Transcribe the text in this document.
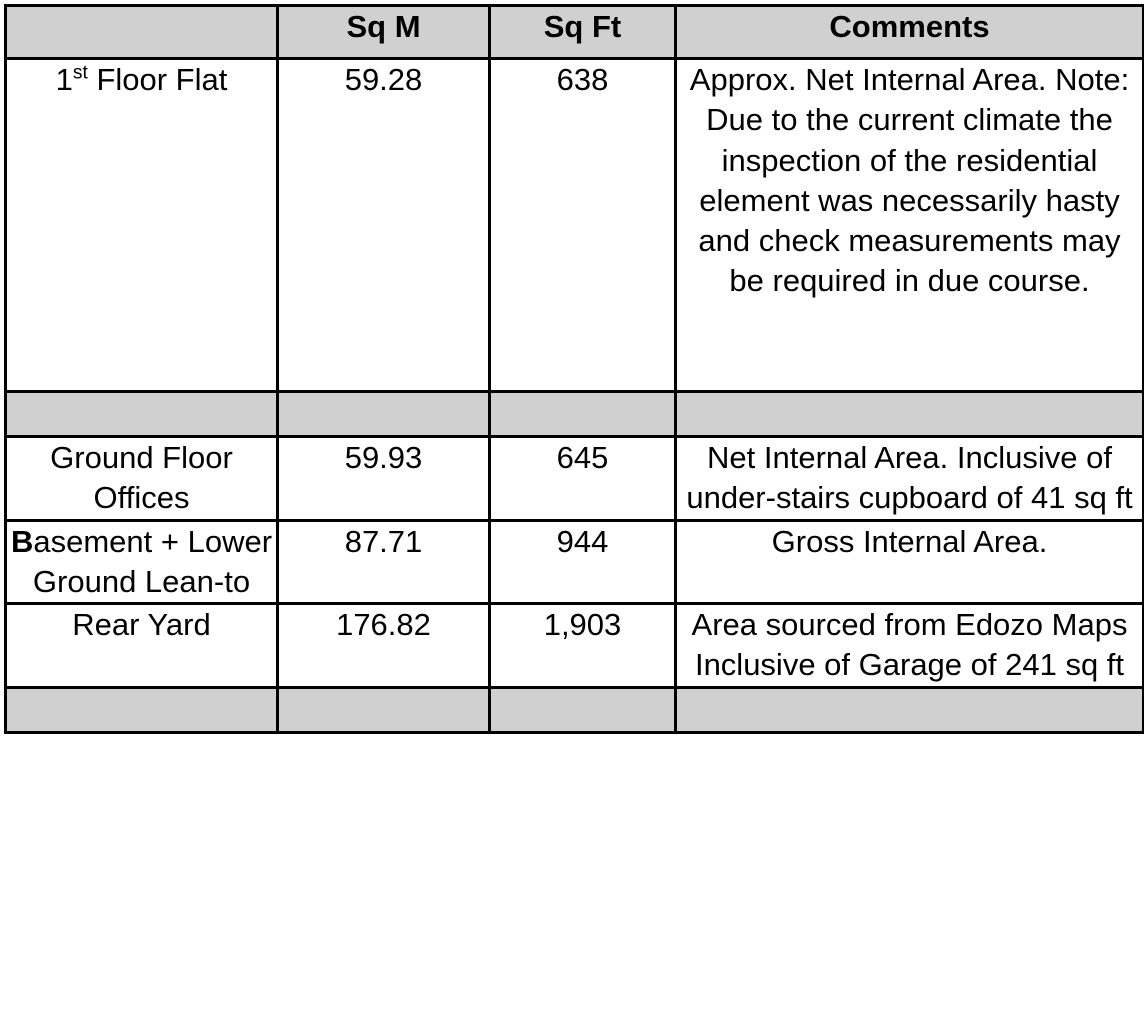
	Sq M	Sq Ft	Comments
1st Floor Flat	59.28	638	Approx. Net Internal Area. Note: Due to the current climate the inspection of the residential element was necessarily hasty and check measurements may be required in due course.

Ground Floor Offices	59.93	645	Net Internal Area. Inclusive of under-stairs cupboard of 41 sq ft
Basement + Lower Ground Lean-to	87.71	944	Gross Internal Area.
Rear Yard	176.82	1,903	Area sourced from Edozo Maps Inclusive of Garage of 241 sq ft
